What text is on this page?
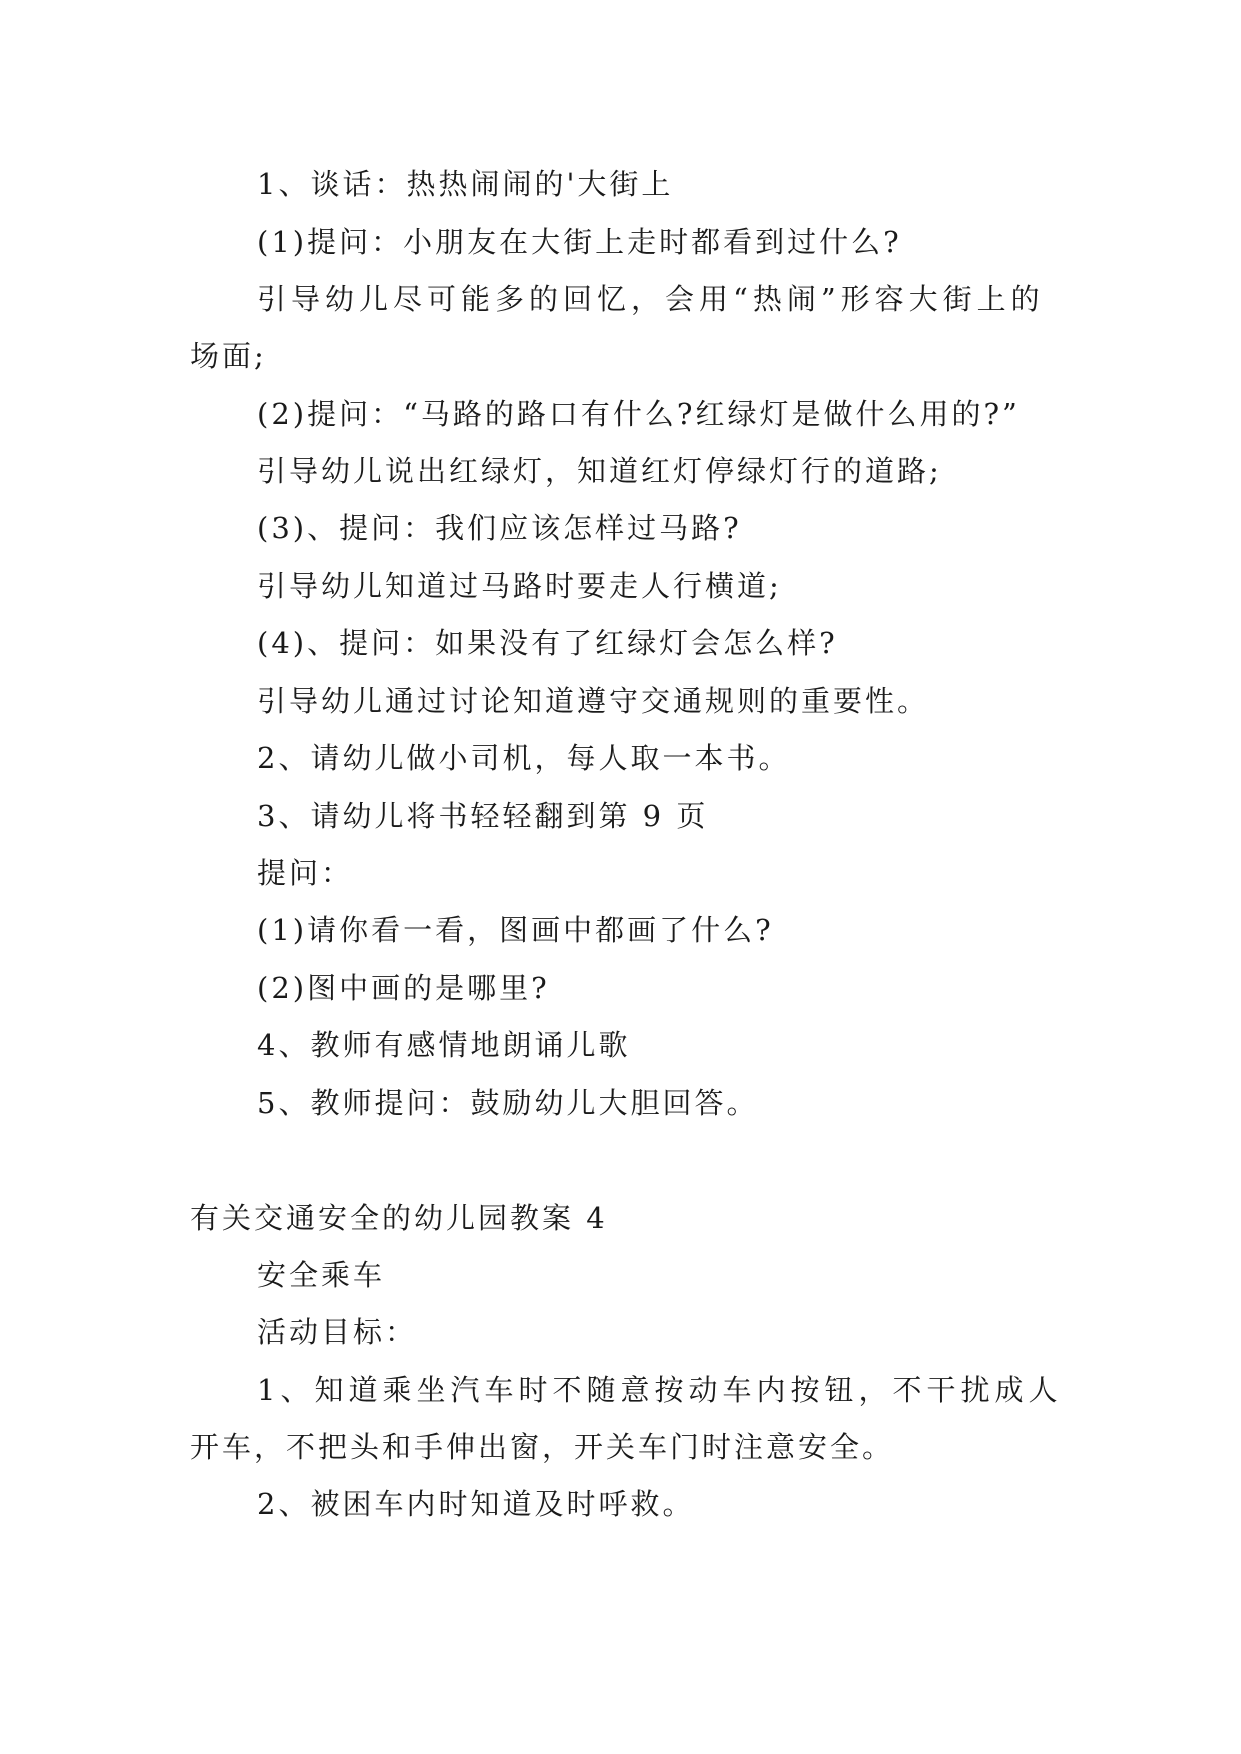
1、谈话：热热闹闹的'大街上
(1)提问：小朋友在大街上走时都看到过什么?
引导幼儿尽可能多的回忆，会用“热闹”形容大街上的
场面;
(2)提问：“马路的路口有什么?红绿灯是做什么用的?”
引导幼儿说出红绿灯，知道红灯停绿灯行的道路;
(3)、提问：我们应该怎样过马路?
引导幼儿知道过马路时要走人行横道;
(4)、提问：如果没有了红绿灯会怎么样?
引导幼儿通过讨论知道遵守交通规则的重要性。
2、请幼儿做小司机，每人取一本书。
3、请幼儿将书轻轻翻到第 9 页
提问：
(1)请你看一看，图画中都画了什么?
(2)图中画的是哪里?
4、教师有感情地朗诵儿歌
5、教师提问：鼓励幼儿大胆回答。
有关交通安全的幼儿园教案 4
安全乘车
活动目标：
1、知道乘坐汽车时不随意按动车内按钮，不干扰成人
开车，不把头和手伸出窗，开关车门时注意安全。
2、被困车内时知道及时呼救。
